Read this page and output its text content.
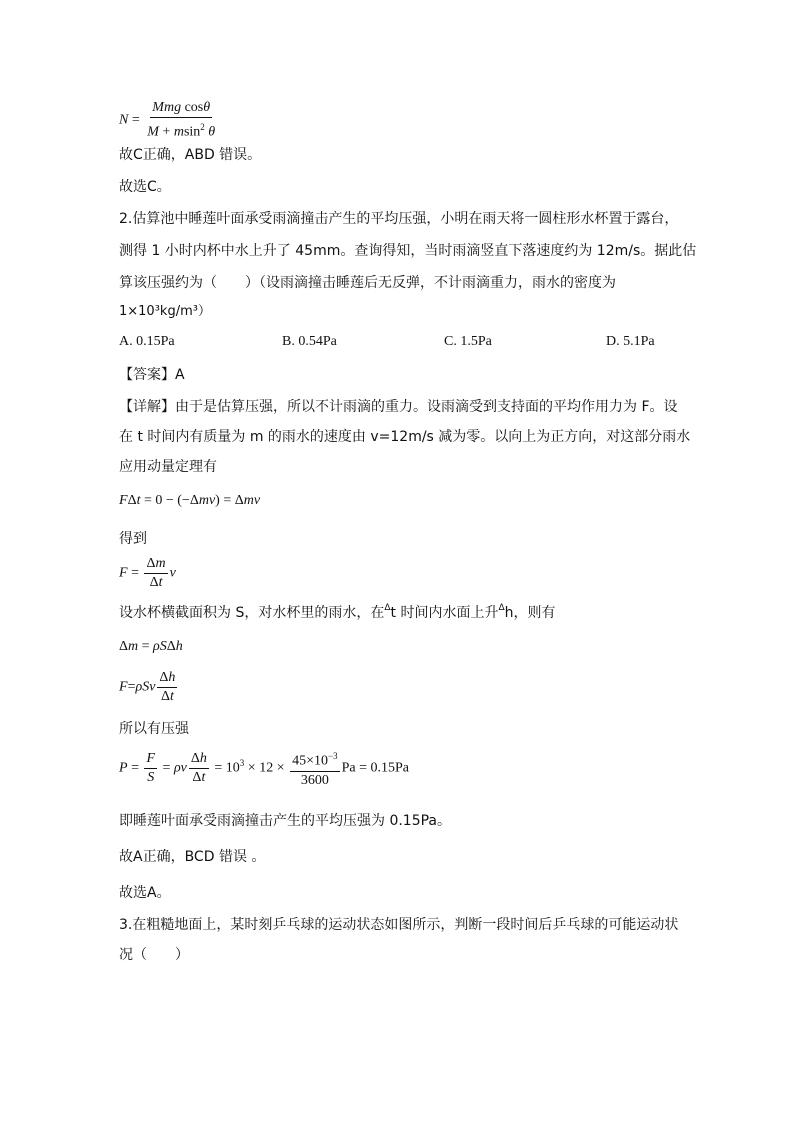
$N = \frac{\text{Mmg cosθ}}{M + msin^2 \theta}$
故C正确，ABD 错误。
故选C。
2.估算池中睡莲叶面承受雨滴撞击产生的平均压强，小明在雨天将一圆柱形水杯置于露台，
测得 1 小时内杯中水上升了 45mm。查询得知，当时雨滴竖直下落速度约为 12m/s。据此估
算该压强约为（　　）（设雨滴撞击睡莲后无反弹，不计雨滴重力，雨水的密度为
1×10³kg/m³）
A. 0.15Pa	B. 0.54Pa	C. 1.5Pa	D. 5.1Pa
【答案】A
【详解】由于是估算压强，所以不计雨滴的重力。设雨滴受到支持面的平均作用力为 F。设
在 t 时间内有质量为 m 的雨水的速度由 v=12m/s 减为零。以向上为正方向，对这部分雨水
应用动量定理有
FΔt = 0 − (−Δmv) = Δmv
得到
$F = \frac{\Delta m}{\Delta t}$ v
设水杯横截面积为 S，对水杯里的雨水，在$^\Delta$t 时间内水面上升$^\Delta$h，则有
Δm = ρSΔh
$F=\rho Sv \frac{\Delta h}{\Delta t}$
所以有压强
$P = \frac{F}{S} = \rho v \frac{\Delta h}{\Delta t} = 10^3 \times 12 \times \frac{45\times 10^{-3}}{3600}$ Pa = 0.15Pa
即睡莲叶面承受雨滴撞击产生的平均压强为 0.15Pa。
故A正确，BCD 错误 。
故选A。
3.在粗糙地面上，某时刻乒乓球的运动状态如图所示，判断一段时间后乒乓球的可能运动状
况（　　）
